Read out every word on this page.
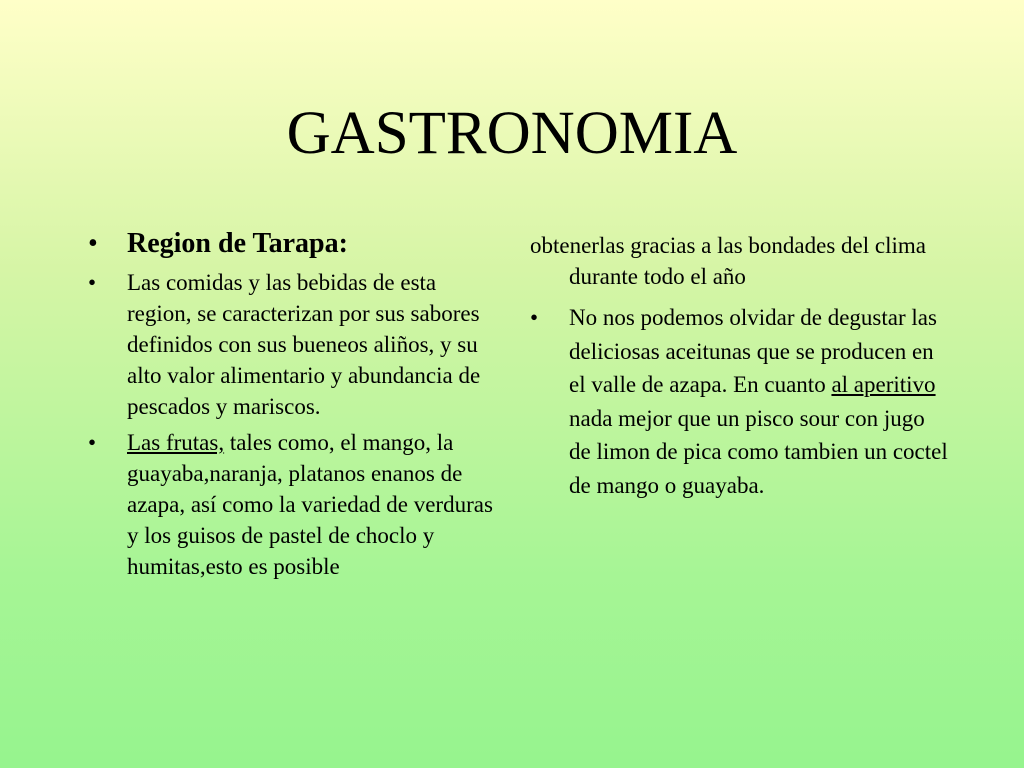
GASTRONOMIA
• Region de Tarapa:
• Las comidas y las bebidas de esta region, se caracterizan por sus sabores definidos con sus bueneos aliños, y su alto valor alimentario y abundancia de pescados y mariscos.
• Las frutas, tales como, el mango, la guayaba,naranja, platanos enanos de azapa, así como la variedad de verduras y los guisos de pastel de choclo y humitas,esto es posible
obtenerlas gracias a las bondades del clima durante todo el año
• No nos podemos olvidar de degustar las deliciosas aceitunas que se producen en el valle de azapa. En cuanto al aperitivo nada mejor que un pisco sour con jugo de limon de pica como tambien un coctel de mango o guayaba.
